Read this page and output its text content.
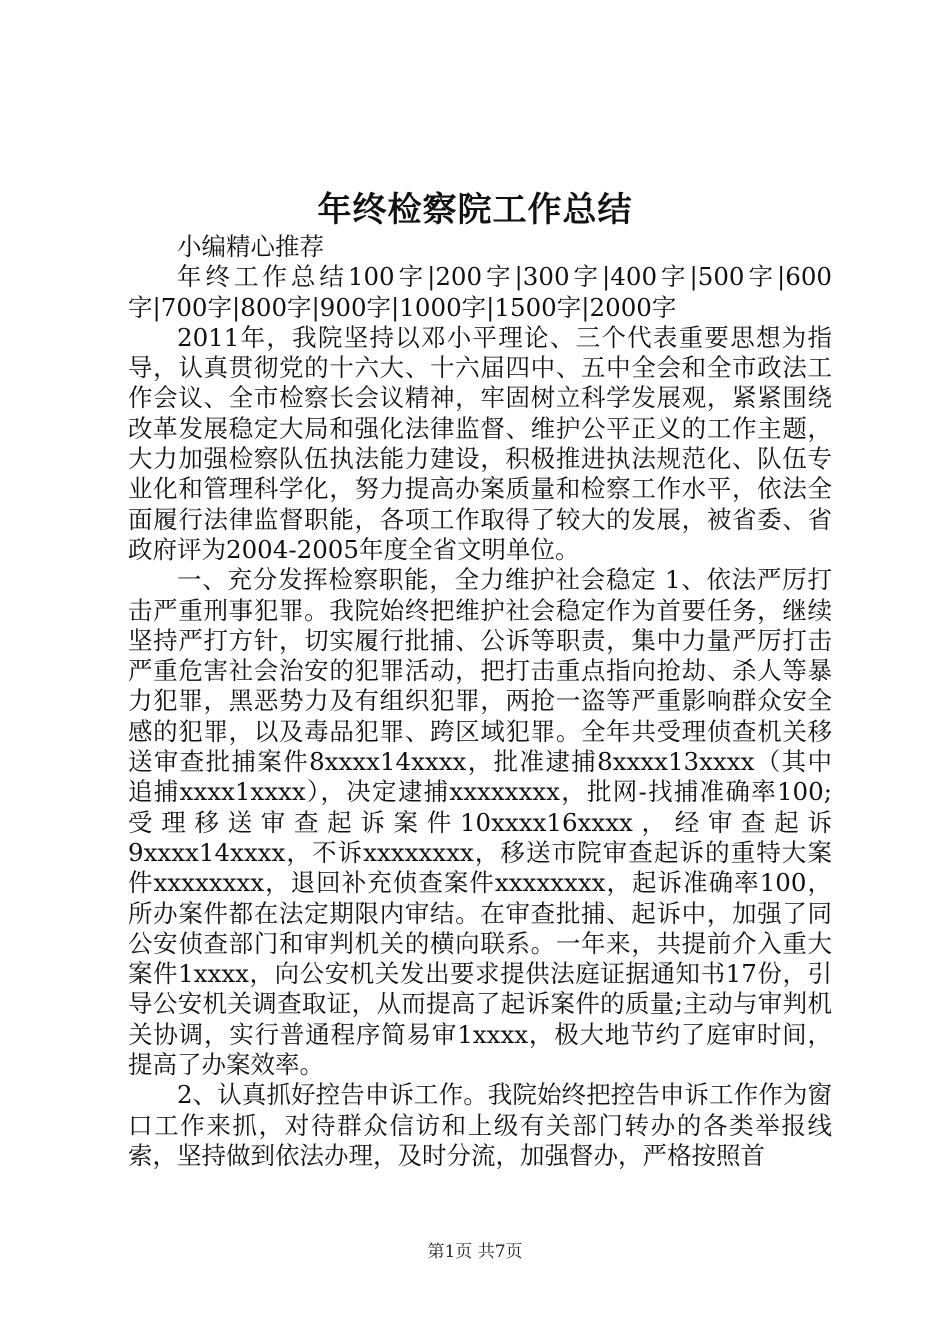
年终检察院工作总结

小编精心推荐

年终工作总结100字|200字|300字|400字|500字|600字|700字|800字|900字|1000字|1500字|2000字

2011年，我院坚持以邓小平理论、三个代表重要思想为指导，认真贯彻党的十六大、十六届四中、五中全会和全市政法工作会议、全市检察长会议精神，牢固树立科学发展观，紧紧围绕改革发展稳定大局和强化法律监督、维护公平正义的工作主题，大力加强检察队伍执法能力建设，积极推进执法规范化、队伍专业化和管理科学化，努力提高办案质量和检察工作水平，依法全面履行法律监督职能，各项工作取得了较大的发展，被省委、省政府评为2004-2005年度全省文明单位。

一、充分发挥检察职能，全力维护社会稳定 1、依法严厉打击严重刑事犯罪。我院始终把维护社会稳定作为首要任务，继续坚持严打方针，切实履行批捕、公诉等职责，集中力量严厉打击严重危害社会治安的犯罪活动，把打击重点指向抢劫、杀人等暴力犯罪，黑恶势力及有组织犯罪，两抢一盗等严重影响群众安全感的犯罪，以及毒品犯罪、跨区域犯罪。全年共受理侦查机关移送审查批捕案件8xxxx14xxxx，批准逮捕8xxxx13xxxx（其中追捕xxxx1xxxx），决定逮捕xxxxxxxx，批网-找捕准确率100;受理移送审查起诉案件10xxxx16xxxx，经审查起诉9xxxx14xxxx，不诉xxxxxxxx，移送市院审查起诉的重特大案件xxxxxxxx，退回补充侦查案件xxxxxxxx，起诉准确率100，所办案件都在法定期限内审结。在审查批捕、起诉中，加强了同公安侦查部门和审判机关的横向联系。一年来，共提前介入重大案件1xxxx，向公安机关发出要求提供法庭证据通知书17份，引导公安机关调查取证，从而提高了起诉案件的质量;主动与审判机关协调，实行普通程序简易审1xxxx，极大地节约了庭审时间，提高了办案效率。

2、认真抓好控告申诉工作。我院始终把控告申诉工作作为窗口工作来抓，对待群众信访和上级有关部门转办的各类举报线索，坚持做到依法办理，及时分流，加强督办，严格按照首

第1页 共7页
